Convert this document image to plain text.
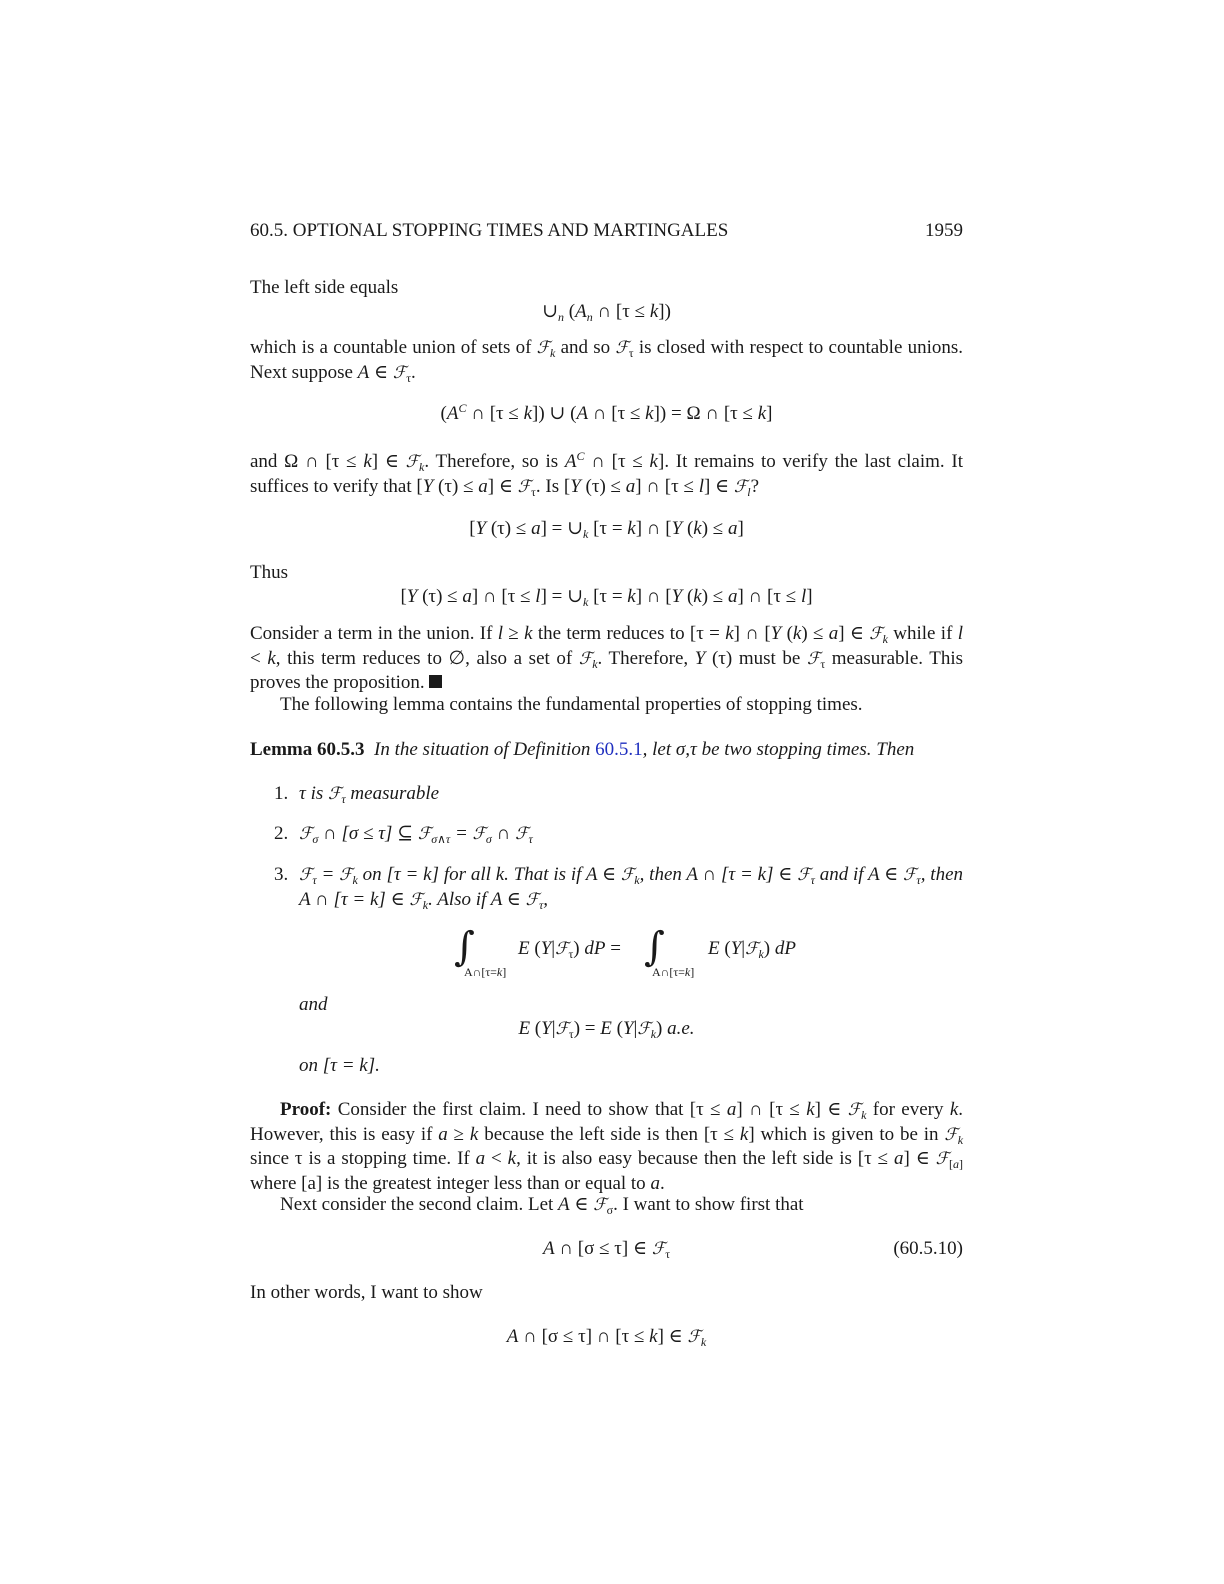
60.5. OPTIONAL STOPPING TIMES AND MARTINGALES	1959
The left side equals
$\cup_n$ ($A_n$ ∩ [τ ≤ k])
which is a countable union of sets of ℱ$_k$ and so ℱ$_\tau$ is closed with respect to countable unions. Next suppose A ∈ ℱ$_\tau$.
($A^C$ ∩ [τ ≤ k]) ∪ (A ∩ [τ ≤ k]) = Ω ∩ [τ ≤ k]
and Ω ∩ [τ ≤ k] ∈ ℱ$_k$. Therefore, so is $A^C$ ∩ [τ ≤ k]. It remains to verify the last claim. It suffices to verify that [Y (τ) ≤ a] ∈ ℱ$_\tau$. Is [Y (τ) ≤ a] ∩ [τ ≤ l] ∈ ℱ$_l$?
[Y $(\tau) \le a] = \cup_k$ [τ = k] ∩ [Y (k) ≤ a]
Thus
[Y (τ) ≤ a] ∩ $[\tau \le l] = \cup_k$ [τ = k] ∩ [Y (k) ≤ a] ∩ [τ ≤ l]
Consider a term in the union. If l ≥ k the term reduces to [τ = k] ∩ [Y (k) ≤ a] ∈ ℱ$_k$ while if l < k, this term reduces to ∅, also a set of ℱ$_k$. Therefore, Y (τ) must be ℱ$_\tau$ measurable. This proves the proposition.
The following lemma contains the fundamental properties of stopping times.
Lemma 60.5.3 In the situation of Definition 60.5.1, let σ,τ be two stopping times. Then
1. τ is ℱ$_\tau$ measurable
2. ℱ$_\sigma$ ∩ [σ ≤ τ] ⊆ ℱ$_{\sigma\wedge\tau}$ = ℱ$_\sigma$ ∩ ℱ$_\tau$
3. ℱ$_\tau$ = ℱ$_k$ on [τ = k] for all k. That is if A ∈ ℱ$_k$, then A ∩ [τ = k] ∈ ℱ$_\tau$ and if A ∈ ℱ$_\tau$, then A ∩ [τ = k] ∈ ℱ$_k$. Also if A ∈ ℱ$_\tau$,
∫
A∩[τ=k]
E (Y|ℱ$_\tau$) dP = ∫
A∩[τ=k]
E (Y|ℱ$_k$) dP
and
E (Y|ℱ$_\tau$) = E (Y|ℱ$_k$) a.e.
on [τ = k].
Proof: Consider the first claim. I need to show that [τ ≤ a] ∩ [τ ≤ k] ∈ ℱ$_k$ for every k. However, this is easy if a ≥ k because the left side is then [τ ≤ k] which is given to be in ℱ$_k$ since τ is a stopping time. If a < k, it is also easy because then the left side is [τ ≤ a] ∈ ℱ$_{[a]}$ where [a] is the greatest integer less than or equal to a.
Next consider the second claim. Let A ∈ ℱ$_\sigma$. I want to show first that
A ∩ [σ ≤ τ] ∈ ℱ$_\tau$	(60.5.10)
In other words, I want to show
A ∩ [σ ≤ τ] ∩ [τ ≤ k] ∈ ℱ$_k$
